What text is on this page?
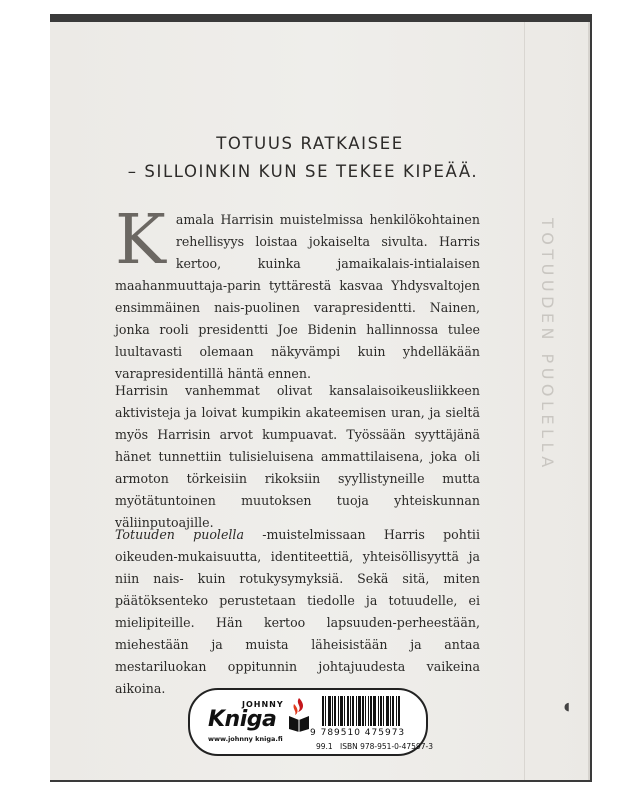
TOTUUS RATKAISEE
– SILLOINKIN KUN SE TEKEE KIPEÄÄ.

Kamala Harrisin muistelmissa henkilökohtainen rehellisyys loistaa jokaiselta sivulta. Harris kertoo, kuinka jamaikalais-intialaisen maahanmuuttaja-parin tyttärestä kasvaa Yhdysvaltojen ensimmäinen nais-puolinen varapresidentti. Nainen, jonka rooli presidentti Joe Bidenin hallinnossa tulee luultavasti olemaan näkyvämpi kuin yhdelläkään varapresidentillä häntä ennen.

Harrisin vanhemmat olivat kansalaisoikeusliikkeen aktivisteja ja loivat kumpikin akateemisen uran, ja sieltä myös Harrisin arvot kumpuavat. Työssään syyttäjänä hänet tunnettiin tulisieluisena ammattilaisena, joka oli armoton törkeisiin rikoksiin syyllistyneille mutta myötätuntoinen muutoksen tuoja yhteiskunnan väliinputoajille.

Totuuden puolella -muistelmissaan Harris pohtii oikeuden-mukaisuutta, identiteettiä, yhteisöllisyyttä ja niin nais- kuin rotukysymyksiä. Sekä sitä, miten päätöksenteko perustetaan tiedolle ja totuudelle, ei mielipiteille. Hän kertoo lapsuuden-perheestään, miehestään ja muista läheisistään ja antaa mestariluokan oppitunnin johtajuudesta vaikeina aikoina.

TOTUUDEN PUOLELLA
◖
JOHNNY
Kniga
www.johnny kniga.fi
9 789510 475973
99.1 ISBN 978-951-0-47597-3
